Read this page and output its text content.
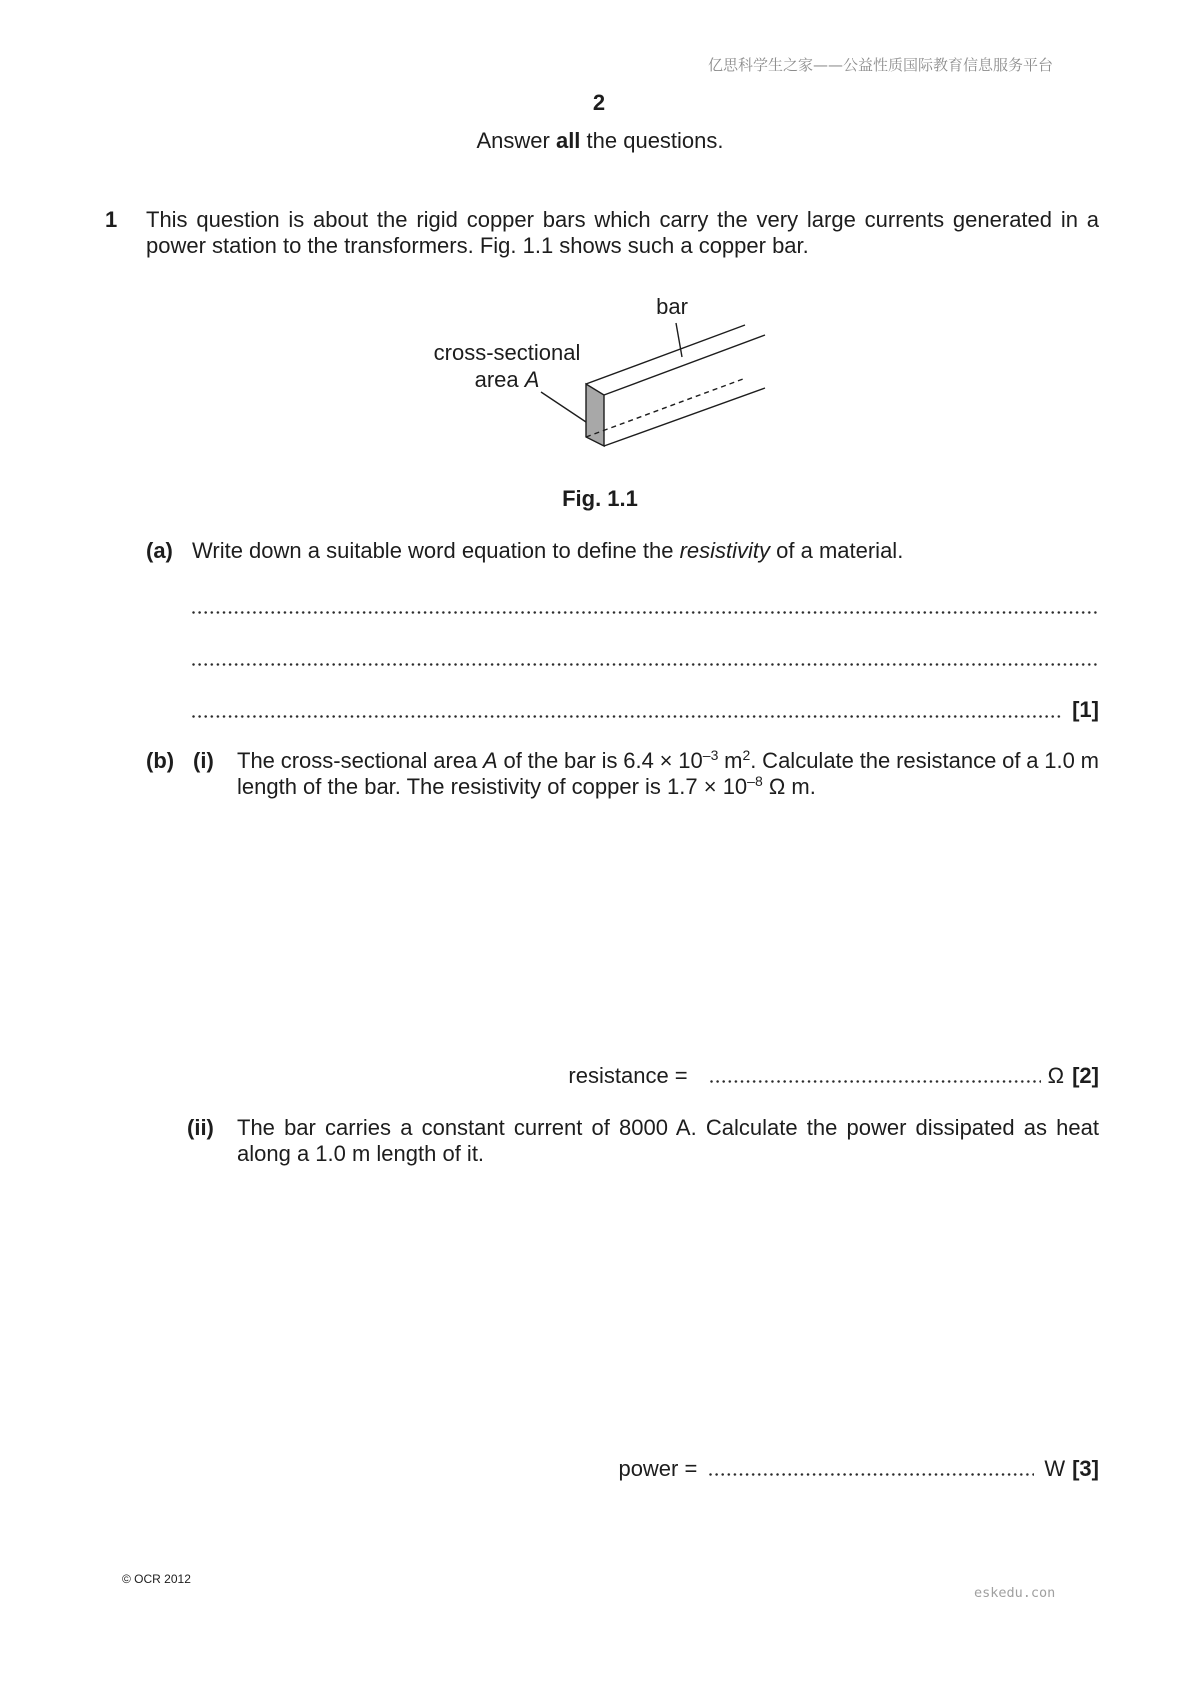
亿思科学生之家——公益性质国际教育信息服务平台
2
Answer all the questions.
1 This question is about the rigid copper bars which carry the very large currents generated in a
power station to the transformers. Fig. 1.1 shows such a copper bar.
bar
cross-sectional
area A
Fig. 1.1
(a) Write down a suitable word equation to define the resistivity of a material.
[1]
(b) (i) The cross-sectional area A of the bar is $6.4 \times 10^{-3}$ $m^2$. Calculate the resistance of a 1.0 m
length of the bar. The resistivity of copper is $1.7 \times 10^{-8}$ Ω m.
resistance =	Ω [2]
(ii) The bar carries a constant current of 8000 A. Calculate the power dissipated as heat
along a 1.0 m length of it.
power =	W [3]
© OCR 2012
eskedu.con
